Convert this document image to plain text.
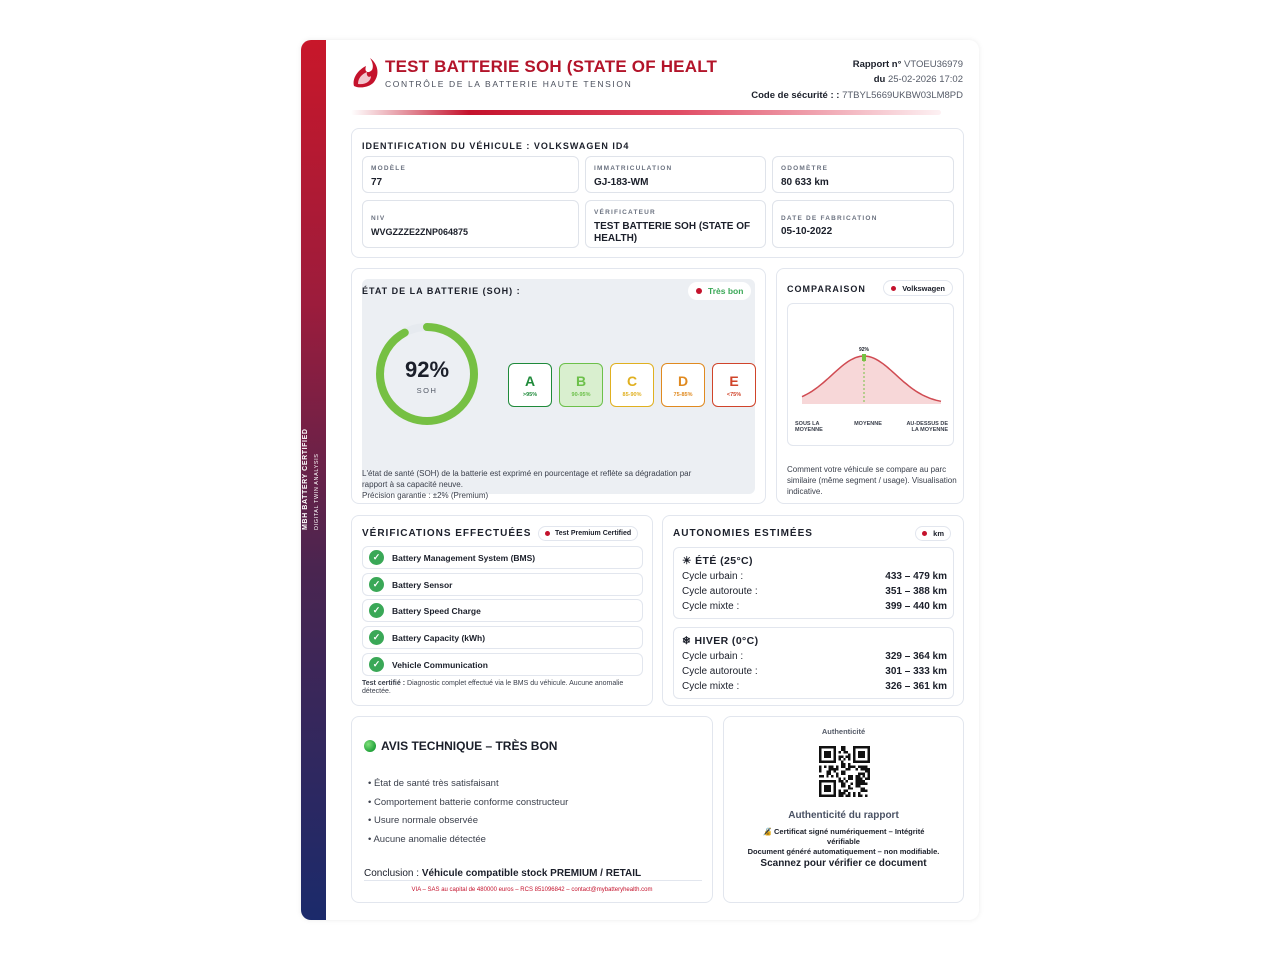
MBH BATTERY CERTIFIED DIGITAL TWIN ANALYSIS
TEST BATTERIE SOH (STATE OF HEALT
CONTRÔLE DE LA BATTERIE HAUTE TENSION
Rapport n° VTOEU36979
du 25-02-2026 17:02
Code de sécurité : : 7TBYL5669UKBW03LM8PD
IDENTIFICATION DU VÉHICULE : VOLKSWAGEN ID4
MODÈLE
77
IMMATRICULATION
GJ-183-WM
ODOMÈTRE
80 633 km
NIV
WVGZZZE2ZNP064875
VÉRIFICATEUR
TEST BATTERIE SOH (STATE OF HEALTH)
DATE DE FABRICATION
05-10-2022
ÉTAT DE LA BATTERIE (SOH) :	Très bon
92%
SOH
A
>95%
B
90-95%
C
85-90%
D
75-85%
E
<75%
L'état de santé (SOH) de la batterie est exprimé en pourcentage et reflète sa dégradation par
rapport à sa capacité neuve.
Précision garantie : ±2% (Premium)
COMPARAISON	Volkswagen
92%
SOUS LA MOYENNE
MOYENNE	AU-DESSUS DE LA MOYENNE
Comment votre véhicule se compare au parc similaire (même segment / usage). Visualisation indicative.
VÉRIFICATIONS EFFECTUÉES	Test Premium Certified
✓	Battery Management System (BMS)
✓	Battery Sensor
✓	Battery Speed Charge
✓	Battery Capacity (kWh)
✓	Vehicle Communication
Test certifié : Diagnostic complet effectué via le BMS du véhicule. Aucune anomalie détectée.
AUTONOMIES ESTIMÉES	km
☀ ÉTÉ (25°C)
Cycle urbain :	433 – 479 km
Cycle autoroute :	351 – 388 km
Cycle mixte :	399 – 440 km
❄ HIVER (0°C)
Cycle urbain :	329 – 364 km
Cycle autoroute :	301 – 333 km
Cycle mixte :	326 – 361 km
AVIS TECHNIQUE – TRÈS BON
• État de santé très satisfaisant
• Comportement batterie conforme constructeur
• Usure normale observée
• Aucune anomalie détectée
Conclusion : Véhicule compatible stock PREMIUM / RETAIL
VIA – SAS au capital de 480000 euros – RCS 851096842 – contact@mybatteryhealth.com
Authenticité
Authenticité du rapport
🔏 Certificat signé numériquement – Intégrité
vérifiable
Document généré automatiquement – non modifiable.
Scannez pour vérifier ce document
